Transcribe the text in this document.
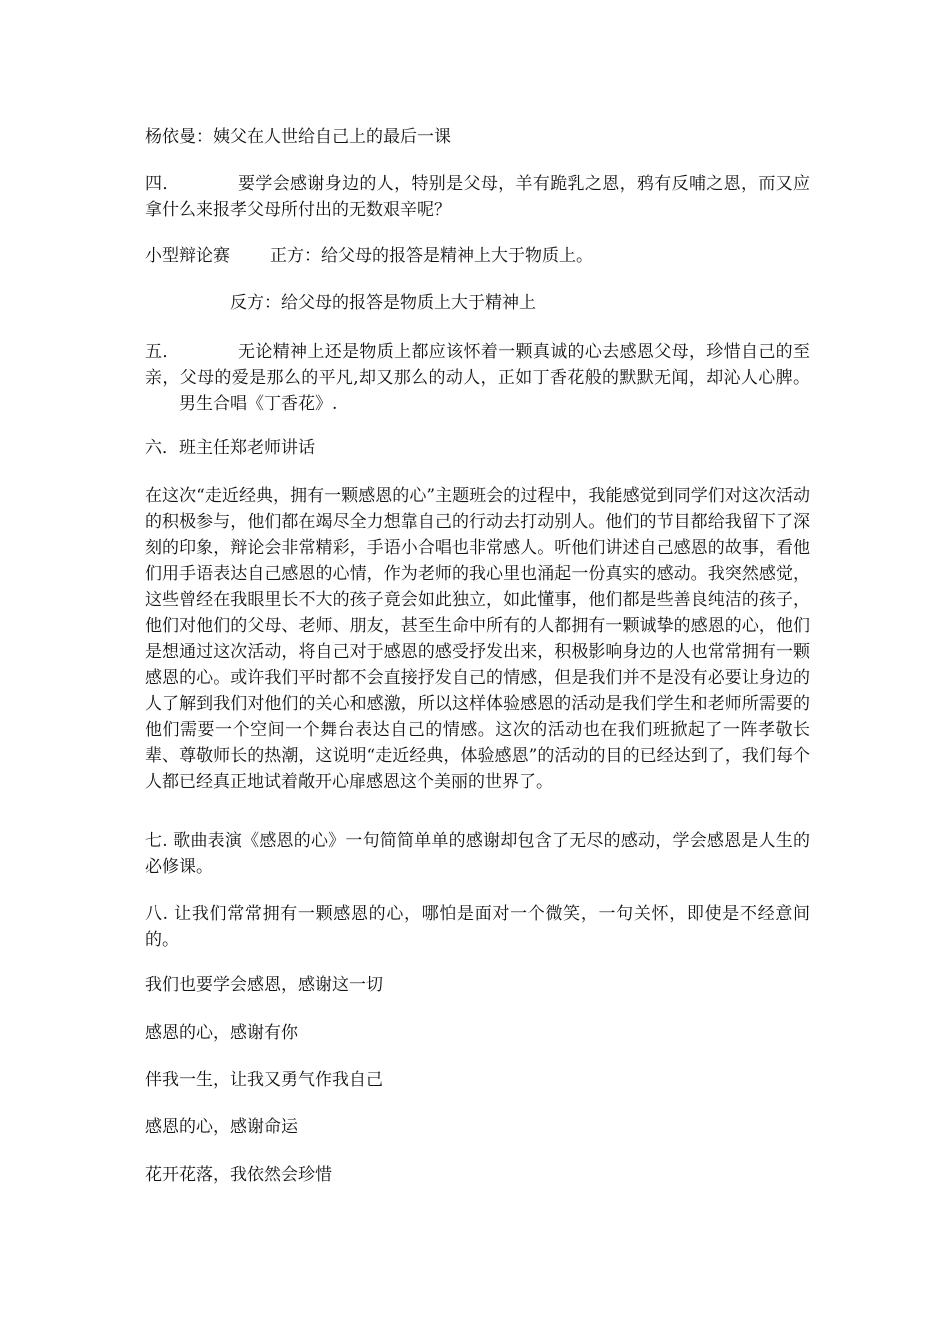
杨依曼：姨父在人世给自己上的最后一课

四．	要学会感谢身边的人，特别是父母，羊有跪乳之恩，鸦有反哺之恩，而又应拿什么来报孝父母所付出的无数艰辛呢？

小型辩论赛 正方：给父母的报答是精神上大于物质上。

反方：给父母的报答是物质上大于精神上

五．	无论精神上还是物质上都应该怀着一颗真诚的心去感恩父母，珍惜自己的至亲，父母的爱是那么的平凡,却又那么的动人，正如丁香花般的默默无闻，却沁人心脾。男生合唱《丁香花》.

六．班主任郑老师讲话

在这次“走近经典，拥有一颗感恩的心”主题班会的过程中，我能感觉到同学们对这次活动的积极参与，他们都在竭尽全力想靠自己的行动去打动别人。他们的节目都给我留下了深刻的印象，辩论会非常精彩，手语小合唱也非常感人。听他们讲述自己感恩的故事，看他们用手语表达自己感恩的心情，作为老师的我心里也涌起一份真实的感动。我突然感觉，这些曾经在我眼里长不大的孩子竟会如此独立，如此懂事，他们都是些善良纯洁的孩子，他们对他们的父母、老师、朋友，甚至生命中所有的人都拥有一颗诚挚的感恩的心，他们是想通过这次活动，将自己对于感恩的感受抒发出来，积极影响身边的人也常常拥有一颗感恩的心。或许我们平时都不会直接抒发自己的情感，但是我们并不是没有必要让身边的人了解到我们对他们的关心和感激，所以这样体验感恩的活动是我们学生和老师所需要的他们需要一个空间一个舞台表达自己的情感。这次的活动也在我们班掀起了一阵孝敬长辈、尊敬师长的热潮，这说明“走近经典，体验感恩”的活动的目的已经达到了，我们每个人都已经真正地试着敞开心扉感恩这个美丽的世界了。

七. 歌曲表演《感恩的心》一句简简单单的感谢却包含了无尽的感动，学会感恩是人生的必修课。

八. 让我们常常拥有一颗感恩的心，哪怕是面对一个微笑，一句关怀，即使是不经意间的。

我们也要学会感恩，感谢这一切

感恩的心，感谢有你

伴我一生，让我又勇气作我自己

感恩的心，感谢命运

花开花落，我依然会珍惜
